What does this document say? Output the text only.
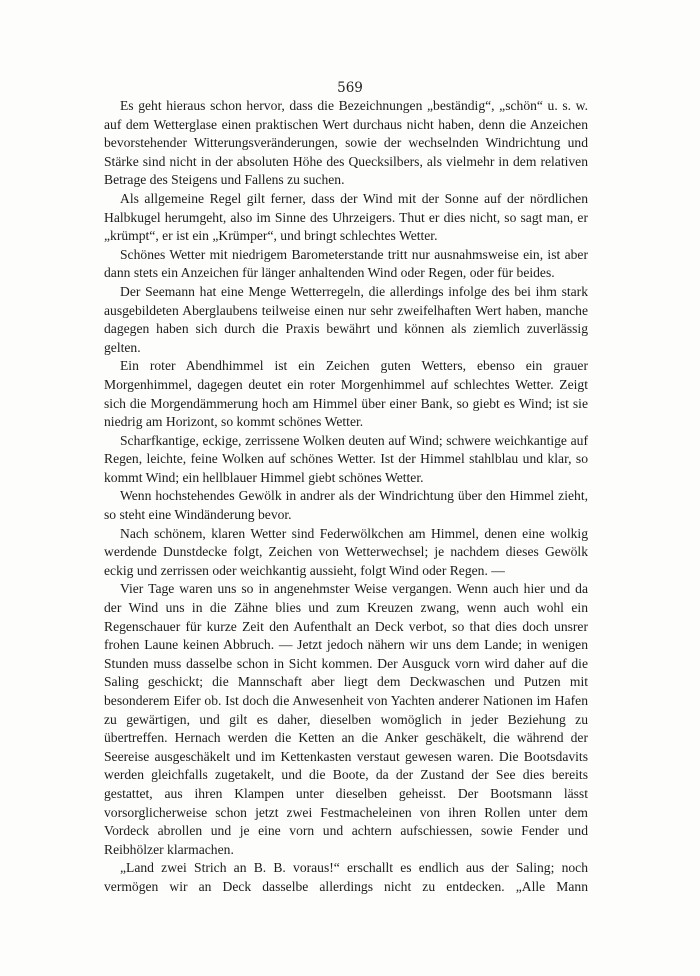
569

Es geht hieraus schon hervor, dass die Bezeichnungen „beständig“, „schön“ u. s. w. auf dem Wetterglase einen praktischen Wert durchaus nicht haben, denn die Anzeichen bevorstehender Witterungsveränderungen, sowie der wechselnden Windrichtung und Stärke sind nicht in der absoluten Höhe des Quecksilbers, als vielmehr in dem relativen Betrage des Steigens und Fallens zu suchen.

Als allgemeine Regel gilt ferner, dass der Wind mit der Sonne auf der nördlichen Halbkugel herumgeht, also im Sinne des Uhrzeigers. Thut er dies nicht, so sagt man, er „krümpt“, er ist ein „Krümper“, und bringt schlechtes Wetter.

Schönes Wetter mit niedrigem Barometerstande tritt nur ausnahmsweise ein, ist aber dann stets ein Anzeichen für länger anhaltenden Wind oder Regen, oder für beides.

Der Seemann hat eine Menge Wetterregeln, die allerdings infolge des bei ihm stark ausgebildeten Aberglaubens teilweise einen nur sehr zweifelhaften Wert haben, manche dagegen haben sich durch die Praxis bewährt und können als ziemlich zuverlässig gelten.

Ein roter Abendhimmel ist ein Zeichen guten Wetters, ebenso ein grauer Morgenhimmel, dagegen deutet ein roter Morgenhimmel auf schlechtes Wetter. Zeigt sich die Morgendämmerung hoch am Himmel über einer Bank, so giebt es Wind; ist sie niedrig am Horizont, so kommt schönes Wetter.

Scharfkantige, eckige, zerrissene Wolken deuten auf Wind; schwere weichkantige auf Regen, leichte, feine Wolken auf schönes Wetter. Ist der Himmel stahlblau und klar, so kommt Wind; ein hellblauer Himmel giebt schönes Wetter.

Wenn hochstehendes Gewölk in andrer als der Windrichtung über den Himmel zieht, so steht eine Windänderung bevor.

Nach schönem, klaren Wetter sind Federwölkchen am Himmel, denen eine wolkig werdende Dunstdecke folgt, Zeichen von Wetterwechsel; je nachdem dieses Gewölk eckig und zerrissen oder weichkantig aussieht, folgt Wind oder Regen. —

Vier Tage waren uns so in angenehmster Weise vergangen. Wenn auch hier und da der Wind uns in die Zähne blies und zum Kreuzen zwang, wenn auch wohl ein Regenschauer für kurze Zeit den Aufenthalt an Deck verbot, so that dies doch unsrer frohen Laune keinen Abbruch. — Jetzt jedoch nähern wir uns dem Lande; in wenigen Stunden muss dasselbe schon in Sicht kommen. Der Ausguck vorn wird daher auf die Saling geschickt; die Mannschaft aber liegt dem Deckwaschen und Putzen mit besonderem Eifer ob. Ist doch die Anwesenheit von Yachten anderer Nationen im Hafen zu gewärtigen, und gilt es daher, dieselben womöglich in jeder Beziehung zu übertreffen. Hernach werden die Ketten an die Anker geschäkelt, die während der Seereise ausgeschäkelt und im Kettenkasten verstaut gewesen waren. Die Bootsdavits werden gleichfalls zugetakelt, und die Boote, da der Zustand der See dies bereits gestattet, aus ihren Klampen unter dieselben geheisst. Der Bootsmann lässt vorsorglicherweise schon jetzt zwei Festmacheleinen von ihren Rollen unter dem Vordeck abrollen und je eine vorn und achtern aufschiessen, sowie Fender und Reibhölzer klarmachen.

„Land zwei Strich an B. B. voraus!“ erschallt es endlich aus der Saling; noch vermögen wir an Deck dasselbe allerdings nicht zu entdecken. „Alle Mann
